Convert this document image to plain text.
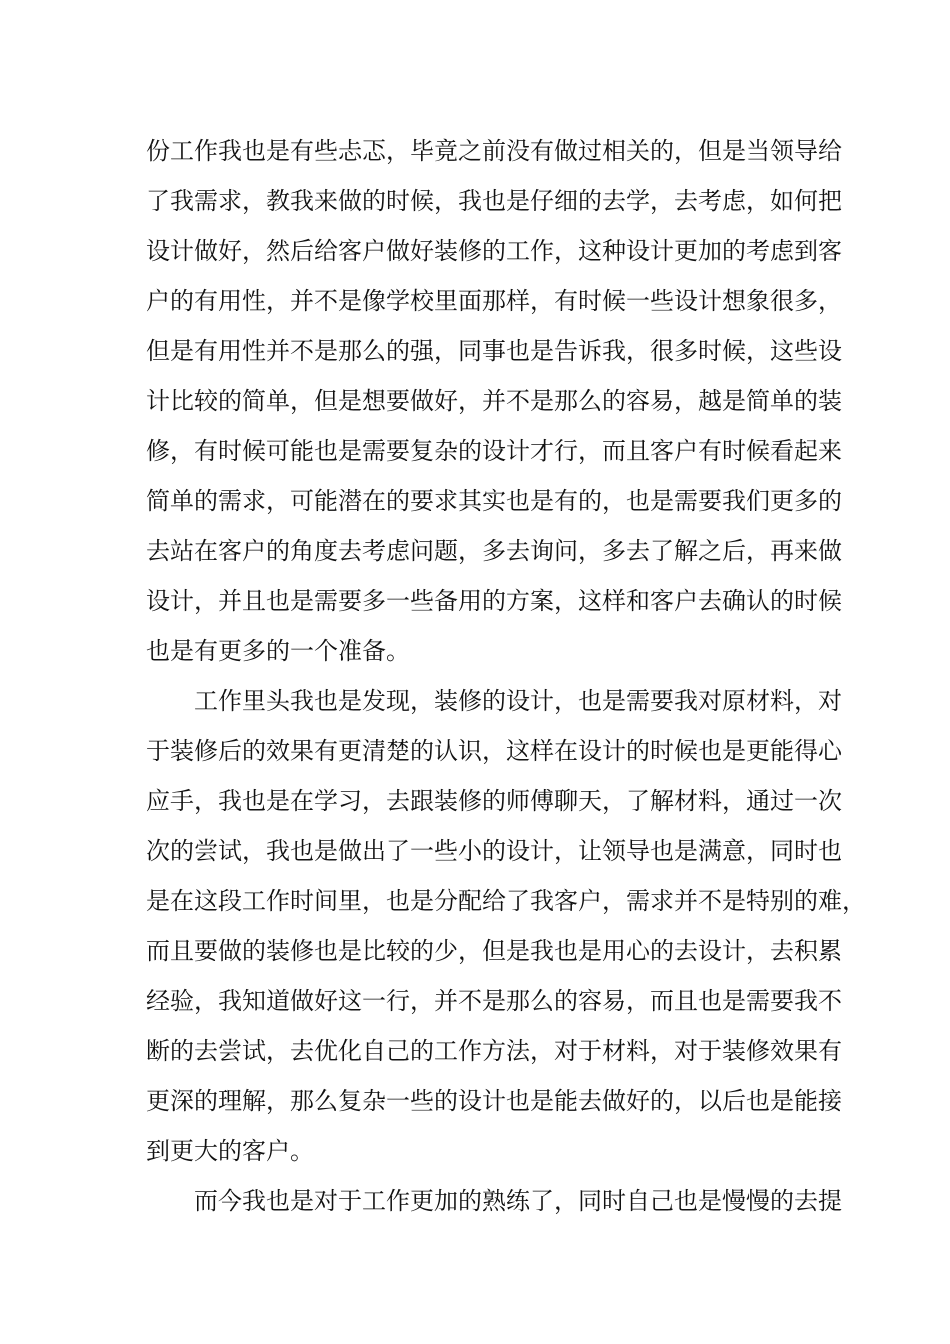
份工作我也是有些忐忑，毕竟之前没有做过相关的，但是当领导给
了我需求，教我来做的时候，我也是仔细的去学，去考虑，如何把
设计做好，然后给客户做好装修的工作，这种设计更加的考虑到客
户的有用性，并不是像学校里面那样，有时候一些设计想象很多，
但是有用性并不是那么的强，同事也是告诉我，很多时候，这些设
计比较的简单，但是想要做好，并不是那么的容易，越是简单的装
修，有时候可能也是需要复杂的设计才行，而且客户有时候看起来
简单的需求，可能潜在的要求其实也是有的，也是需要我们更多的
去站在客户的角度去考虑问题，多去询问，多去了解之后，再来做
设计，并且也是需要多一些备用的方案，这样和客户去确认的时候
也是有更多的一个准备。
工作里头我也是发现，装修的设计，也是需要我对原材料，对
于装修后的效果有更清楚的认识，这样在设计的时候也是更能得心
应手，我也是在学习，去跟装修的师傅聊天，了解材料，通过一次
次的尝试，我也是做出了一些小的设计，让领导也是满意，同时也
是在这段工作时间里，也是分配给了我客户，需求并不是特别的难，
而且要做的装修也是比较的少，但是我也是用心的去设计，去积累
经验，我知道做好这一行，并不是那么的容易，而且也是需要我不
断的去尝试，去优化自己的工作方法，对于材料，对于装修效果有
更深的理解，那么复杂一些的设计也是能去做好的，以后也是能接
到更大的客户。
而今我也是对于工作更加的熟练了，同时自己也是慢慢的去提
